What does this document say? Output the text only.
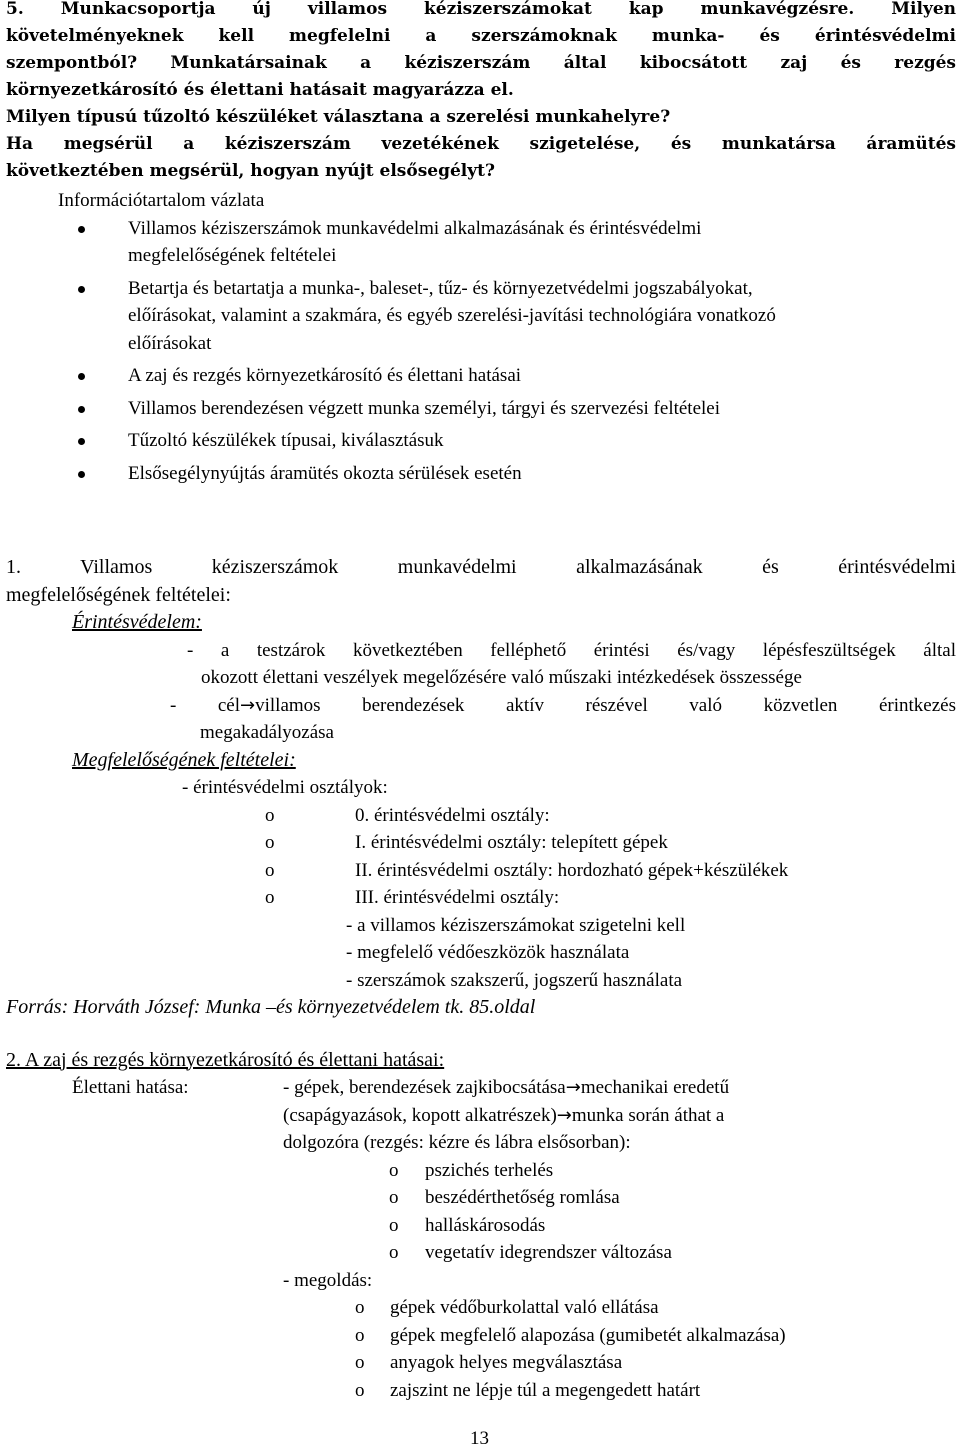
5. Munkacsoportja új villamos kéziszerszámokat kap munkavégzésre. Milyen

követelményeknek kell megfelelni a szerszámoknak munka- és érintésvédelmi

szempontból? Munkatársainak a kéziszerszám által kibocsátott zaj és rezgés

környezetkárosító és élettani hatásait magyarázza el.

Milyen típusú tűzoltó készüléket választana a szerelési munkahelyre?

Ha megsérül a kéziszerszám vezetékének szigetelése, és munkatársa áramütés

következtében megsérül, hogyan nyújt elsősegélyt?

Információtartalom vázlata

Villamos kéziszerszámok munkavédelmi alkalmazásának és érintésvédelmi
megfelelőségének feltételei
Betartja és betartatja a munka-, baleset-, tűz- és környezetvédelmi jogszabályokat,
előírásokat, valamint a szakmára, és egyéb szerelési-javítási technológiára vonatkozó
előírásokat
A zaj és rezgés környezetkárosító és élettani hatásai
Villamos berendezésen végzett munka személyi, tárgyi és szervezési feltételei
Tűzoltó készülékek típusai, kiválasztásuk
Elsősegélynyújtás áramütés okozta sérülések esetén

1. Villamos kéziszerszámok munkavédelmi alkalmazásának és érintésvédelmi

megfelelőségének feltételei:

Érintésvédelem:

- a testzárok következtében felléphető érintési és/vagy lépésfeszültségek által

okozott élettani veszélyek megelőzésére való műszaki intézkedések összessége

- cél→villamos berendezések aktív részével való közvetlen érintkezés

megakadályozása

Megfelelőségének feltételei:

- érintésvédelmi osztályok:

o	0. érintésvédelmi osztály:
o	I. érintésvédelmi osztály: telepített gépek
o	II. érintésvédelmi osztály: hordozható gépek+készülékek
o	III. érintésvédelmi osztály:

- a villamos kéziszerszámokat szigetelni kell

- megfelelő védőeszközök használata

- szerszámok szakszerű, jogszerű használata

Forrás: Horváth József: Munka –és környezetvédelem tk. 85.oldal

2. A zaj és rezgés környezetkárosító és élettani hatásai:

Élettani hatása:	- gépek, berendezések zajkibocsátása→mechanikai eredetű

(csapágyazások, kopott alkatrészek)→munka során áthat a

dolgozóra (rezgés: kézre és lábra elsősorban):

o pszichés terhelés
o beszédérthetőség romlása
o halláskárosodás
o vegetatív idegrendszer változása

- megoldás:

o gépek védőburkolattal való ellátása
o gépek megfelelő alapozása (gumibetét alkalmazása)
o anyagok helyes megválasztása
o zajszint ne lépje túl a megengedett határt
13
